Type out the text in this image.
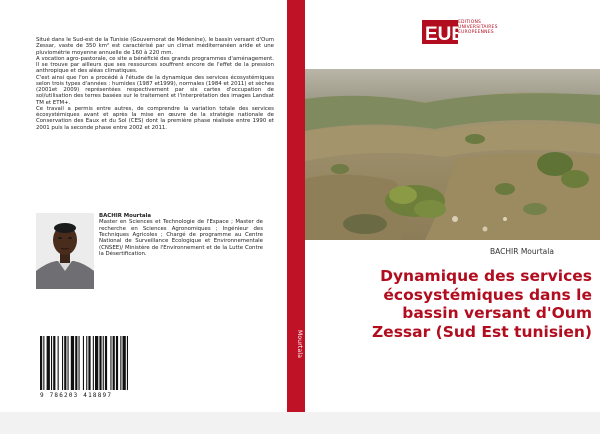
Situé dans le Sud-est de la Tunisie (Gouvernorat de Médenine), le bassin versant d'Oum Zessar, vaste de 350 km² est caractérisé par un climat méditerranéen aride et une pluviométrie moyenne annuelle de 160 à 220 mm.

A vocation agro-pastorale, ce site a bénéficié des grands programmes d'aménagement. Il se trouve par ailleurs que ses ressources souffrent encore de l'effet de la pression anthropique et des aléas climatiques.

C'est ainsi que l'on a procédé à l'étude de la dynamique des services écosystémiques selon trois types d'années : humides (1987 et1999), normales (1984 et 2011) et sèches (2001et 2009) représentées respectivement par six cartes d'occupation de sol/utilisation des terres basées sur le traitement et l'interprétation des images Landsat TM et ETM+.

Ce travail a permis entre autres, de comprendre la variation totale des services écosystémiques avant et après la mise en œuvre de la stratégie nationale de Conservation des Eaux et du Sol (CES) dont la première phase réalisée entre 1990 et 2001 puis la seconde phase entre 2002 et 2011.

BACHIR Mourtala
Master en Sciences et Technologie de l'Espace ; Master de recherche en Sciences Agronomiques ; Ingénieur des Techniques Agricoles ; Chargé de programme au Centre National de Surveillance Ecologique et Environnementale (CNSEE)/ Ministère de l'Environnement et de la Lutte Contre la Désertification.
9 786203 418897
Mourtala
EUE
EDITIONS
UNIVERSITAIRES
EUROPEENNES
BACHIR Mourtala
Dynamique des services
écosystémiques dans le
bassin versant d'Oum
Zessar (Sud Est tunisien)
